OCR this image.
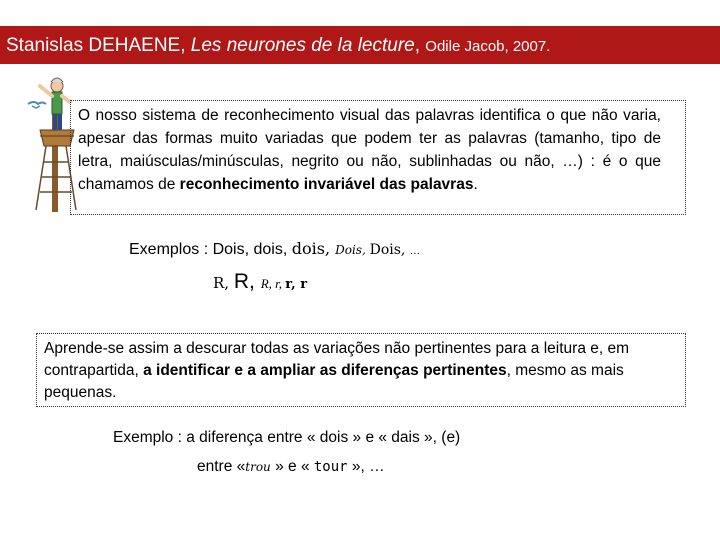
Stanislas DEHAENE, Les neurones de la lecture, Odile Jacob, 2007.
O nosso sistema de reconhecimento visual das palavras identifica o que não varia, apesar das formas muito variadas que podem ter as palavras (tamanho, tipo de letra, maiúsculas/minúsculas, negrito ou não, sublinhadas ou não, …) : é o que chamamos de reconhecimento invariável das palavras.
Exemplos : Dois, dois, dois, Dois, Dois, …
R, R, R, r, r, r
Aprende-se assim a descurar todas as variações não pertinentes para a leitura e, em contrapartida, a identificar e a ampliar as diferenças pertinentes, mesmo as mais pequenas.
Exemplo : a diferença entre « dois » e « dais », (e)
entre «trou » e « tour », …
